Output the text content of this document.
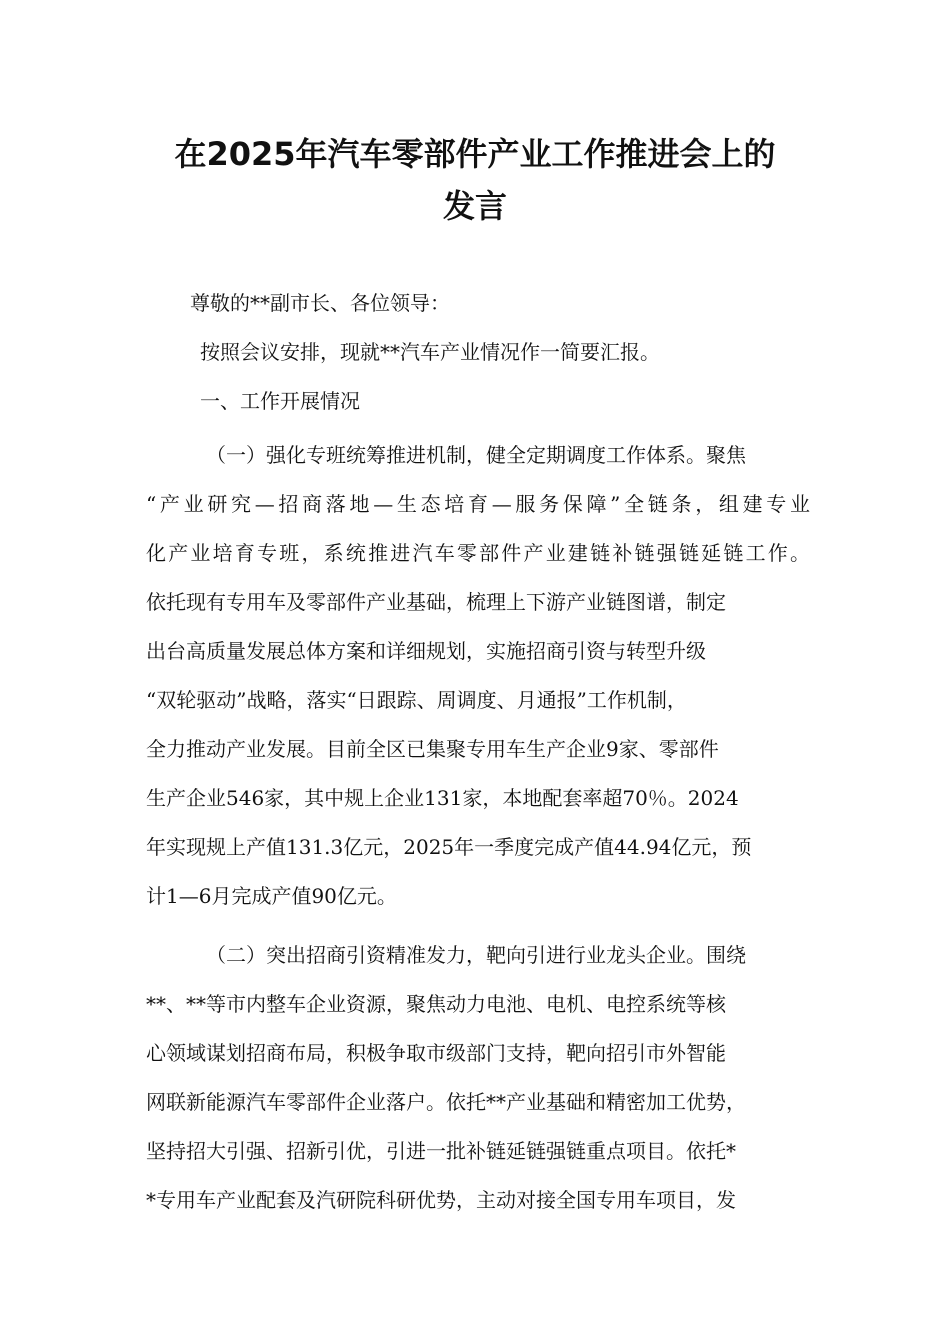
在2025年汽车零部件产业工作推进会上的
发言

尊敬的**副市长、各位领导：

按照会议安排，现就**汽车产业情况作一简要汇报。

一、工作开展情况

（一）强化专班统筹推进机制，健全定期调度工作体系。聚焦

“产业研究—招商落地—生态培育—服务保障”全链条，组建专业

化产业培育专班，系统推进汽车零部件产业建链补链强链延链工作。

依托现有专用车及零部件产业基础，梳理上下游产业链图谱，制定

出台高质量发展总体方案和详细规划，实施招商引资与转型升级

“双轮驱动”战略，落实“日跟踪、周调度、月通报”工作机制，

全力推动产业发展。目前全区已集聚专用车生产企业9家、零部件

生产企业546家，其中规上企业131家，本地配套率超70％。2024

年实现规上产值131.3亿元，2025年一季度完成产值44.94亿元，预

计1—6月完成产值90亿元。

（二）突出招商引资精准发力，靶向引进行业龙头企业。围绕

**、**等市内整车企业资源，聚焦动力电池、电机、电控系统等核

心领域谋划招商布局，积极争取市级部门支持，靶向招引市外智能

网联新能源汽车零部件企业落户。依托**产业基础和精密加工优势，

坚持招大引强、招新引优，引进一批补链延链强链重点项目。依托*

*专用车产业配套及汽研院科研优势，主动对接全国专用车项目，发
